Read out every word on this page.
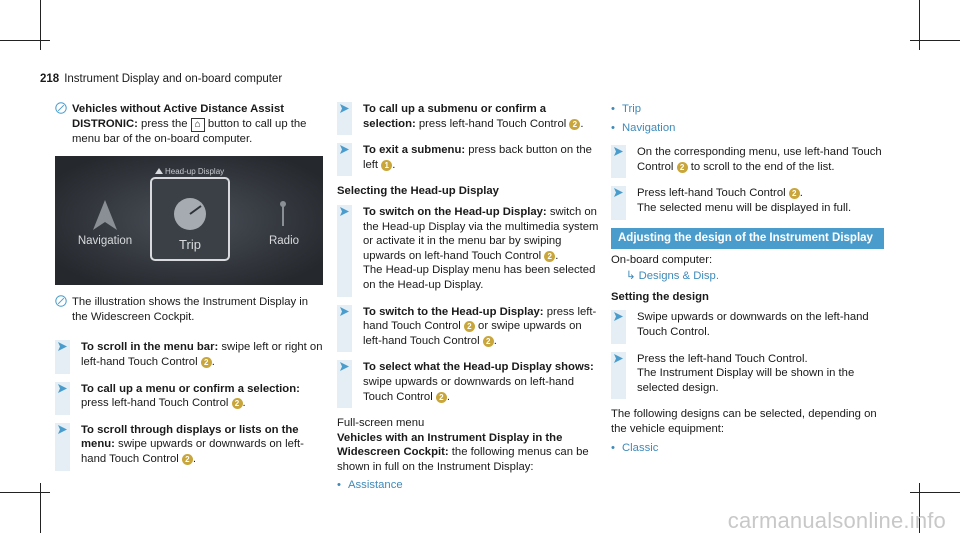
218 Instrument Display and on-board computer
Vehicles without Active Distance Assist DISTRONIC: press the ⌂ button to call up the menu bar of the on-board computer.
Head-up Display
Navigation	Trip	Radio
The illustration shows the Instrument Display in the Widescreen Cockpit.
To scroll in the menu bar: swipe left or right on left-hand Touch Control 2 .
To call up a menu or confirm a selection: press left-hand Touch Control 2 .
To scroll through displays or lists on the menu: swipe upwards or downwards on left-hand Touch Control 2 .
To call up a submenu or confirm a selection: press left-hand Touch Control 2 .
To exit a submenu: press back button on the left 1 .
Selecting the Head-up Display
To switch on the Head-up Display: switch on the Head-up Display via the multimedia system or activate it in the menu bar by swiping upwards on left-hand Touch Control 2 .
The Head-up Display menu has been selected on the Head-up Display.
To switch to the Head-up Display: press left-hand Touch Control 2 or swipe upwards on left-hand Touch Control 2 .
To select what the Head-up Display shows: swipe upwards or downwards on left-hand Touch Control 2 .
Full-screen menu
Vehicles with an Instrument Display in the Widescreen Cockpit: the following menus can be shown in full on the Instrument Display:
• Assistance
• Trip
• Navigation
On the corresponding menu, use left-hand Touch Control 2 to scroll to the end of the list.
Press left-hand Touch Control 2 .
The selected menu will be displayed in full.
Adjusting the design of the Instrument Display
On-board computer:
↳ Designs & Disp.
Setting the design
Swipe upwards or downwards on the left-hand Touch Control.
Press the left-hand Touch Control.
The Instrument Display will be shown in the selected design.
The following designs can be selected, depending on the vehicle equipment:
• Classic
carmanualsonline.info
